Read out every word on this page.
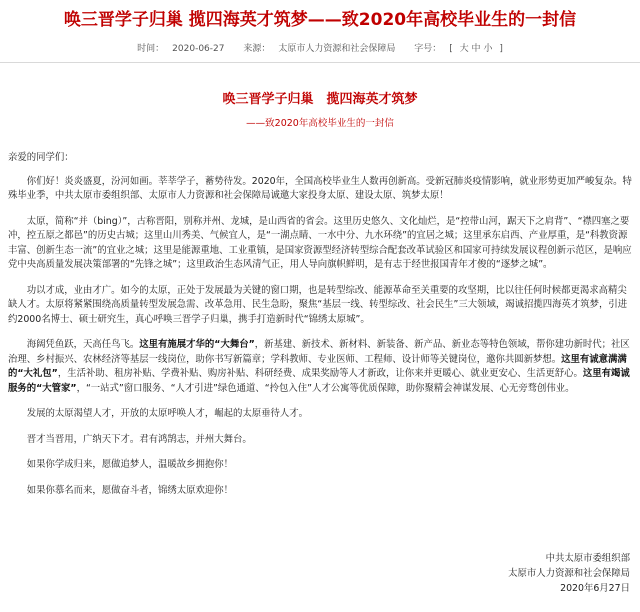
唤三晋学子归巢 揽四海英才筑梦——致2020年高校毕业生的一封信
时间： 2020-06-27 来源： 太原市人力资源和社会保障局 字号： [ 大 中 小 ]
唤三晋学子归巢　揽四海英才筑梦
——致2020年高校毕业生的一封信

亲爱的同学们：

　　你们好！炎炎盛夏，汾河如画。莘莘学子，蓄势待发。2020年，全国高校毕业生人数再创新高。受新冠肺炎疫情影响，就业形势更加严峻复杂。特殊毕业季，中共太原市委组织部、太原市人力资源和社会保障局诚邀大家投身太原、建设太原、筑梦太原！

　　太原，简称“并（bing）”，古称晋阳，别称并州、龙城，是山西省的省会。这里历史悠久、文化灿烂，是“控带山河，踞天下之肩背”、“襟四塞之要冲，控五原之都邑”的历史古城；这里山川秀美、气候宜人，是“一湖点睛、一水中分、九水环绕”的宜居之城；这里承东启西、产业厚重，是“科教资源丰富、创新生态一流”的宜业之城；这里是能源重地、工业重镇，是国家资源型经济转型综合配套改革试验区和国家可持续发展议程创新示范区，是响应党中央高质量发展决策部署的“先锋之城”；这里政治生态风清气正，用人导向旗帜鲜明，是有志于经世报国青年才俊的“逐梦之城”。

　　功以才成，业由才广。如今的太原，正处于发展最为关键的窗口期，也是转型综改、能源革命至关重要的攻坚期，比以往任何时候都更渴求高精尖缺人才。太原将紧紧围绕高质量转型发展急需、改革急用、民生急盼，聚焦“基层一线、转型综改、社会民生”三大领域，竭诚招揽四海英才筑梦，引进约2000名博士、硕士研究生，真心呼唤三晋学子归巢，携手打造新时代“锦绣太原城”。

　　海阔凭鱼跃，天高任鸟飞。这里有施展才华的“大舞台”，新基建、新技术、新材料、新装备、新产品、新业态等特色领域，帮你建功新时代；社区治理、乡村振兴、农林经济等基层一线岗位，助你书写新篇章；学科教师、专业医师、工程师、设计师等关键岗位，邀你共圆新梦想。这里有诚意满满的“大礼包”，生活补助、租房补贴、学费补贴、购房补贴、科研经费、成果奖励等人才新政，让你来并更暖心、就业更安心、生活更舒心。这里有竭诚服务的“大管家”，“一站式”窗口服务、“人才引进”绿色通道、“拎包入住”人才公寓等优质保障，助你聚精会神谋发展、心无旁骛创伟业。

　　发展的太原渴望人才，开放的太原呼唤人才，崛起的太原垂待人才。

　　晋才当晋用，广纳天下才。君有鸿鹄志，并州大舞台。

　　如果你学成归来，愿做追梦人，温暖故乡拥抱你！

　　如果你慕名而来，愿做奋斗者，锦绣太原欢迎你！

中共太原市委组织部
太原市人力资源和社会保障局
2020年6月27日
